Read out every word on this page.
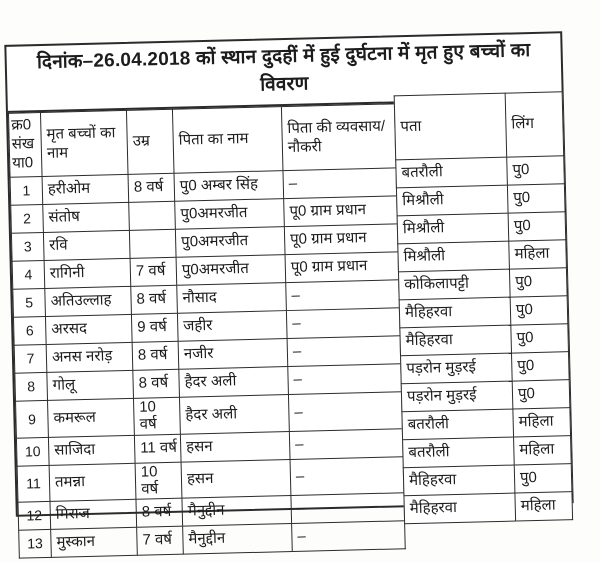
दिनांक–26.04.2018 कों स्थान दुदहीं में हुई दुर्घटना में मृत हुए बच्चों का विवरण
क्र0 संख या0	मृत बच्चों का नाम	उम्र	पिता का नाम	पिता की व्यवसाय/नौकरी
1	हरीओम	8 वर्ष	पु0 अम्बर सिंह	–
2	संतोष		पु0अमरजीत	पू0 ग्राम प्रधान
3	रवि		पु0अमरजीत	पू0 ग्राम प्रधान
4	रागिनी	7 वर्ष	पु0अमरजीत	पू0 ग्राम प्रधान
5	अतिउल्लाह	8 वर्ष	नौसाद	–
6	अरसद	9 वर्ष	जहीर	–
7	अनस नरोड़	8 वर्ष	नजीर	–
8	गोलू	8 वर्ष	हैदर अली	–
9	कमरूल	10 वर्ष	हैदर अली	–
10	साजिदा	11 वर्ष	हसन	–
11	तमन्ना	10 वर्ष	हसन	–
12	मिराज	8 वर्ष	मैनुद्दीन	–
13	मुस्कान	7 वर्ष	मैनुद्दीन	–
पता	लिंग
बतरौली	पु0
मिश्रौली	पु0
मिश्रौली	पु0
मिश्रौली	महिला
कोकिलापट्टी	पु0
मैहिहरवा	पु0
मैहिहरवा	पु0
पड़रोन मुड़रई	पु0
पड़रोन मुड़रई	पु0
बतरौली	महिला
बतरौली	महिला
मैहिहरवा	पु0
मैहिहरवा	महिला
